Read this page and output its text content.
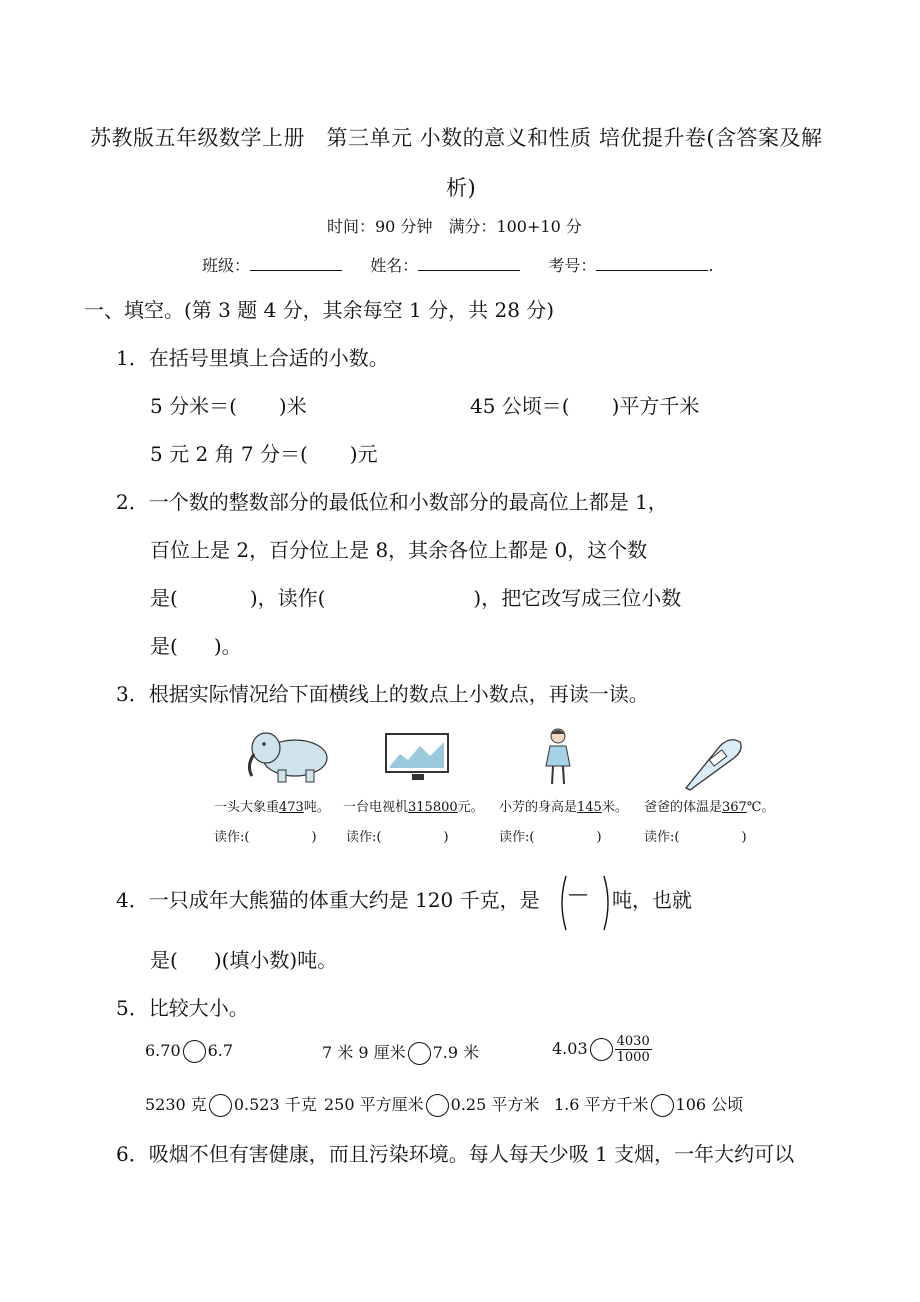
苏教版五年级数学上册　第三单元 小数的意义和性质 培优提升卷(含答案及解
析)
时间：90 分钟　满分：100+10 分
班级：	姓名：	考号：	.
一、填空。(第 3 题 4 分，其余每空 1 分，共 28 分)
1．在括号里填上合适的小数。
5 分米＝( )米	45 公顷＝( )平方千米
5 元 2 角 7 分＝( )元
2．一个数的整数部分的最低位和小数部分的最高位上都是 1，
百位上是 2，百分位上是 8，其余各位上都是 0，这个数
是(	)，读作(	)，把它改写成三位小数
是( )。
3．根据实际情况给下面横线上的数点上小数点，再读一读。
一头大象重473吨。 一台电视机315800元。 小芳的身高是145米。 爸爸的体温是367℃。
读作:(	) 读作:(	)	读作:(	)	读作:(	)
4．一只成年大熊猫的体重大约是 120 千克，是 — 吨，也就
是( )(填小数)吨。
5．比较大小。
6.70 6.7	7 米 9 厘米 7.9 米	$4.03 \frac{4030}{1000}$
5230 克 0.523 千克 250 平方厘米 0.25 平方米 1.6 平方千米 106 公顷
6．吸烟不但有害健康，而且污染环境。每人每天少吸 1 支烟，一年大约可以
